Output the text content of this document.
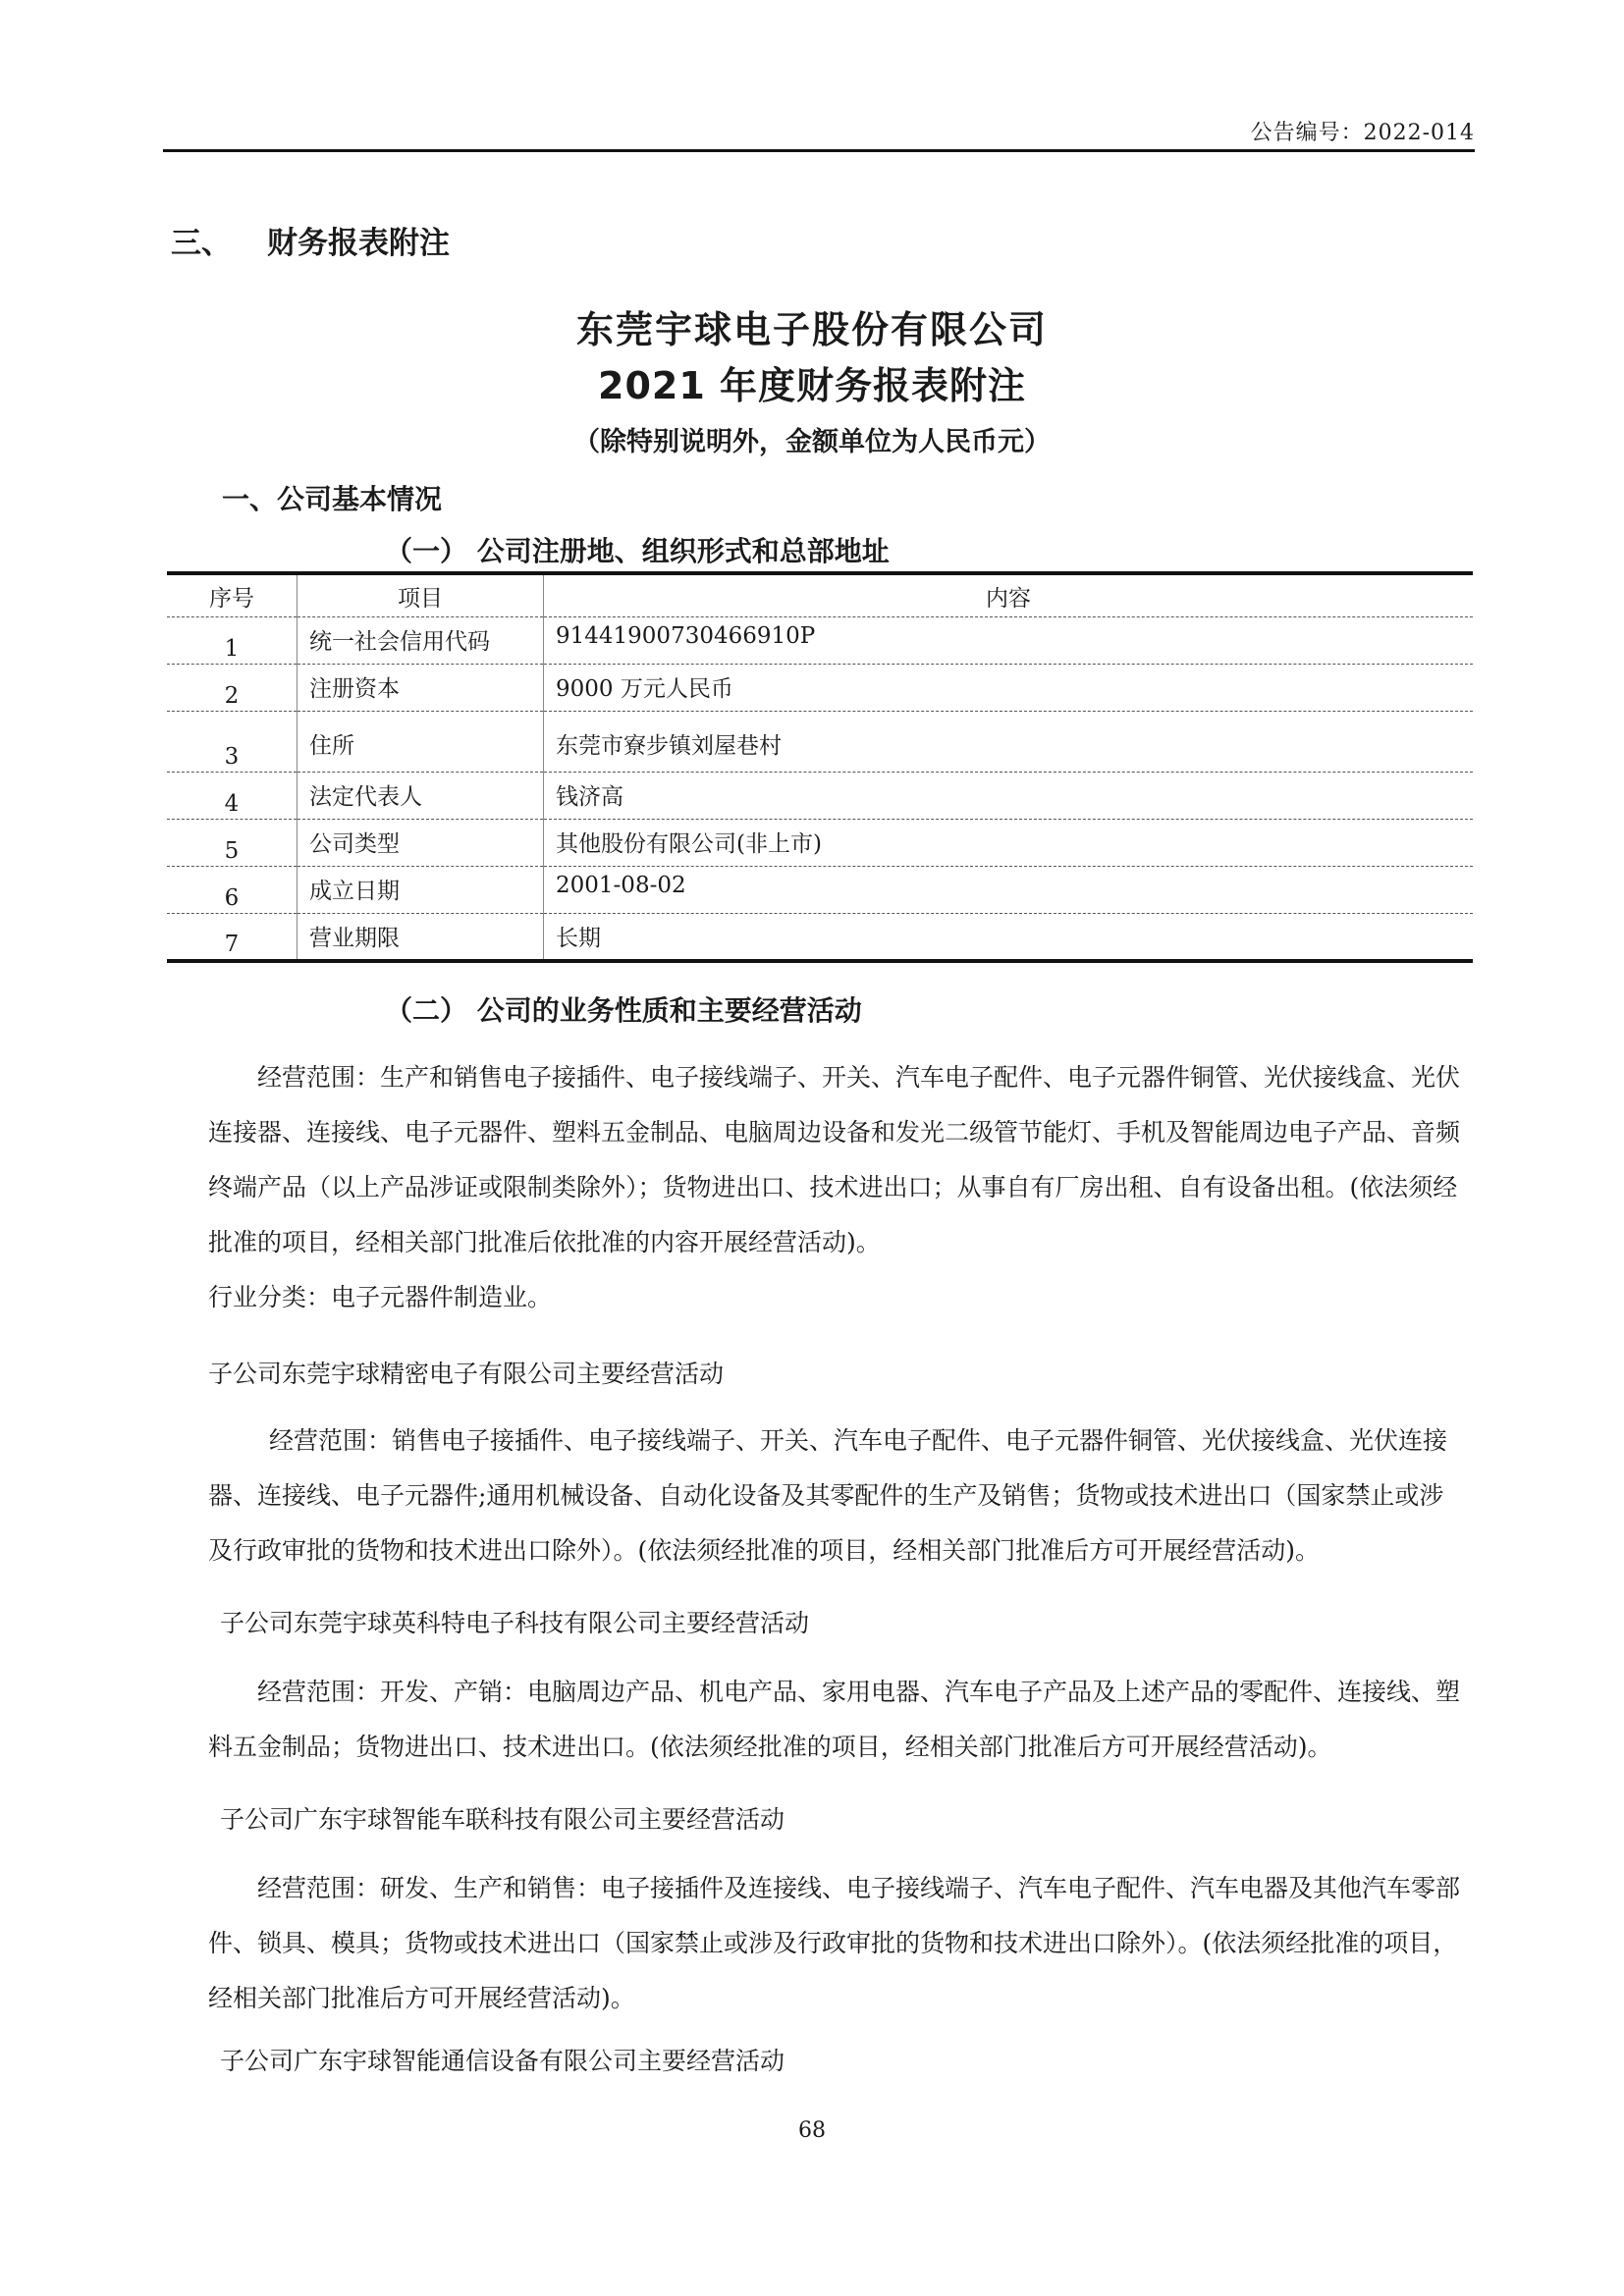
公告编号：2022-014
三、 财务报表附注
东莞宇球电子股份有限公司
2021 年度财务报表附注
（除特别说明外，金额单位为人民币元）
一、公司基本情况
（一） 公司注册地、组织形式和总部地址
序号	项目	内容
1	统一社会信用代码	91441900730466910P
2	注册资本	9000 万元人民币
3	住所	东莞市寮步镇刘屋巷村
4	法定代表人	钱济高
5	公司类型	其他股份有限公司(非上市)
6	成立日期	2001-08-02
7	营业期限	长期
（二） 公司的业务性质和主要经营活动
经营范围：生产和销售电子接插件、电子接线端子、开关、汽车电子配件、电子元器件铜管、光伏接线盒、光伏
连接器、连接线、电子元器件、塑料五金制品、电脑周边设备和发光二级管节能灯、手机及智能周边电子产品、音频
终端产品（以上产品涉证或限制类除外）；货物进出口、技术进出口；从事自有厂房出租、自有设备出租。(依法须经
批准的项目，经相关部门批准后依批准的内容开展经营活动)。
行业分类：电子元器件制造业。
子公司东莞宇球精密电子有限公司主要经营活动
经营范围：销售电子接插件、电子接线端子、开关、汽车电子配件、电子元器件铜管、光伏接线盒、光伏连接
器、连接线、电子元器件;通用机械设备、自动化设备及其零配件的生产及销售；货物或技术进出口（国家禁止或涉
及行政审批的货物和技术进出口除外）。(依法须经批准的项目，经相关部门批准后方可开展经营活动)。
子公司东莞宇球英科特电子科技有限公司主要经营活动
经营范围：开发、产销：电脑周边产品、机电产品、家用电器、汽车电子产品及上述产品的零配件、连接线、塑
料五金制品；货物进出口、技术进出口。(依法须经批准的项目，经相关部门批准后方可开展经营活动)。
子公司广东宇球智能车联科技有限公司主要经营活动
经营范围：研发、生产和销售：电子接插件及连接线、电子接线端子、汽车电子配件、汽车电器及其他汽车零部
件、锁具、模具；货物或技术进出口（国家禁止或涉及行政审批的货物和技术进出口除外）。(依法须经批准的项目，
经相关部门批准后方可开展经营活动)。
子公司广东宇球智能通信设备有限公司主要经营活动
68
